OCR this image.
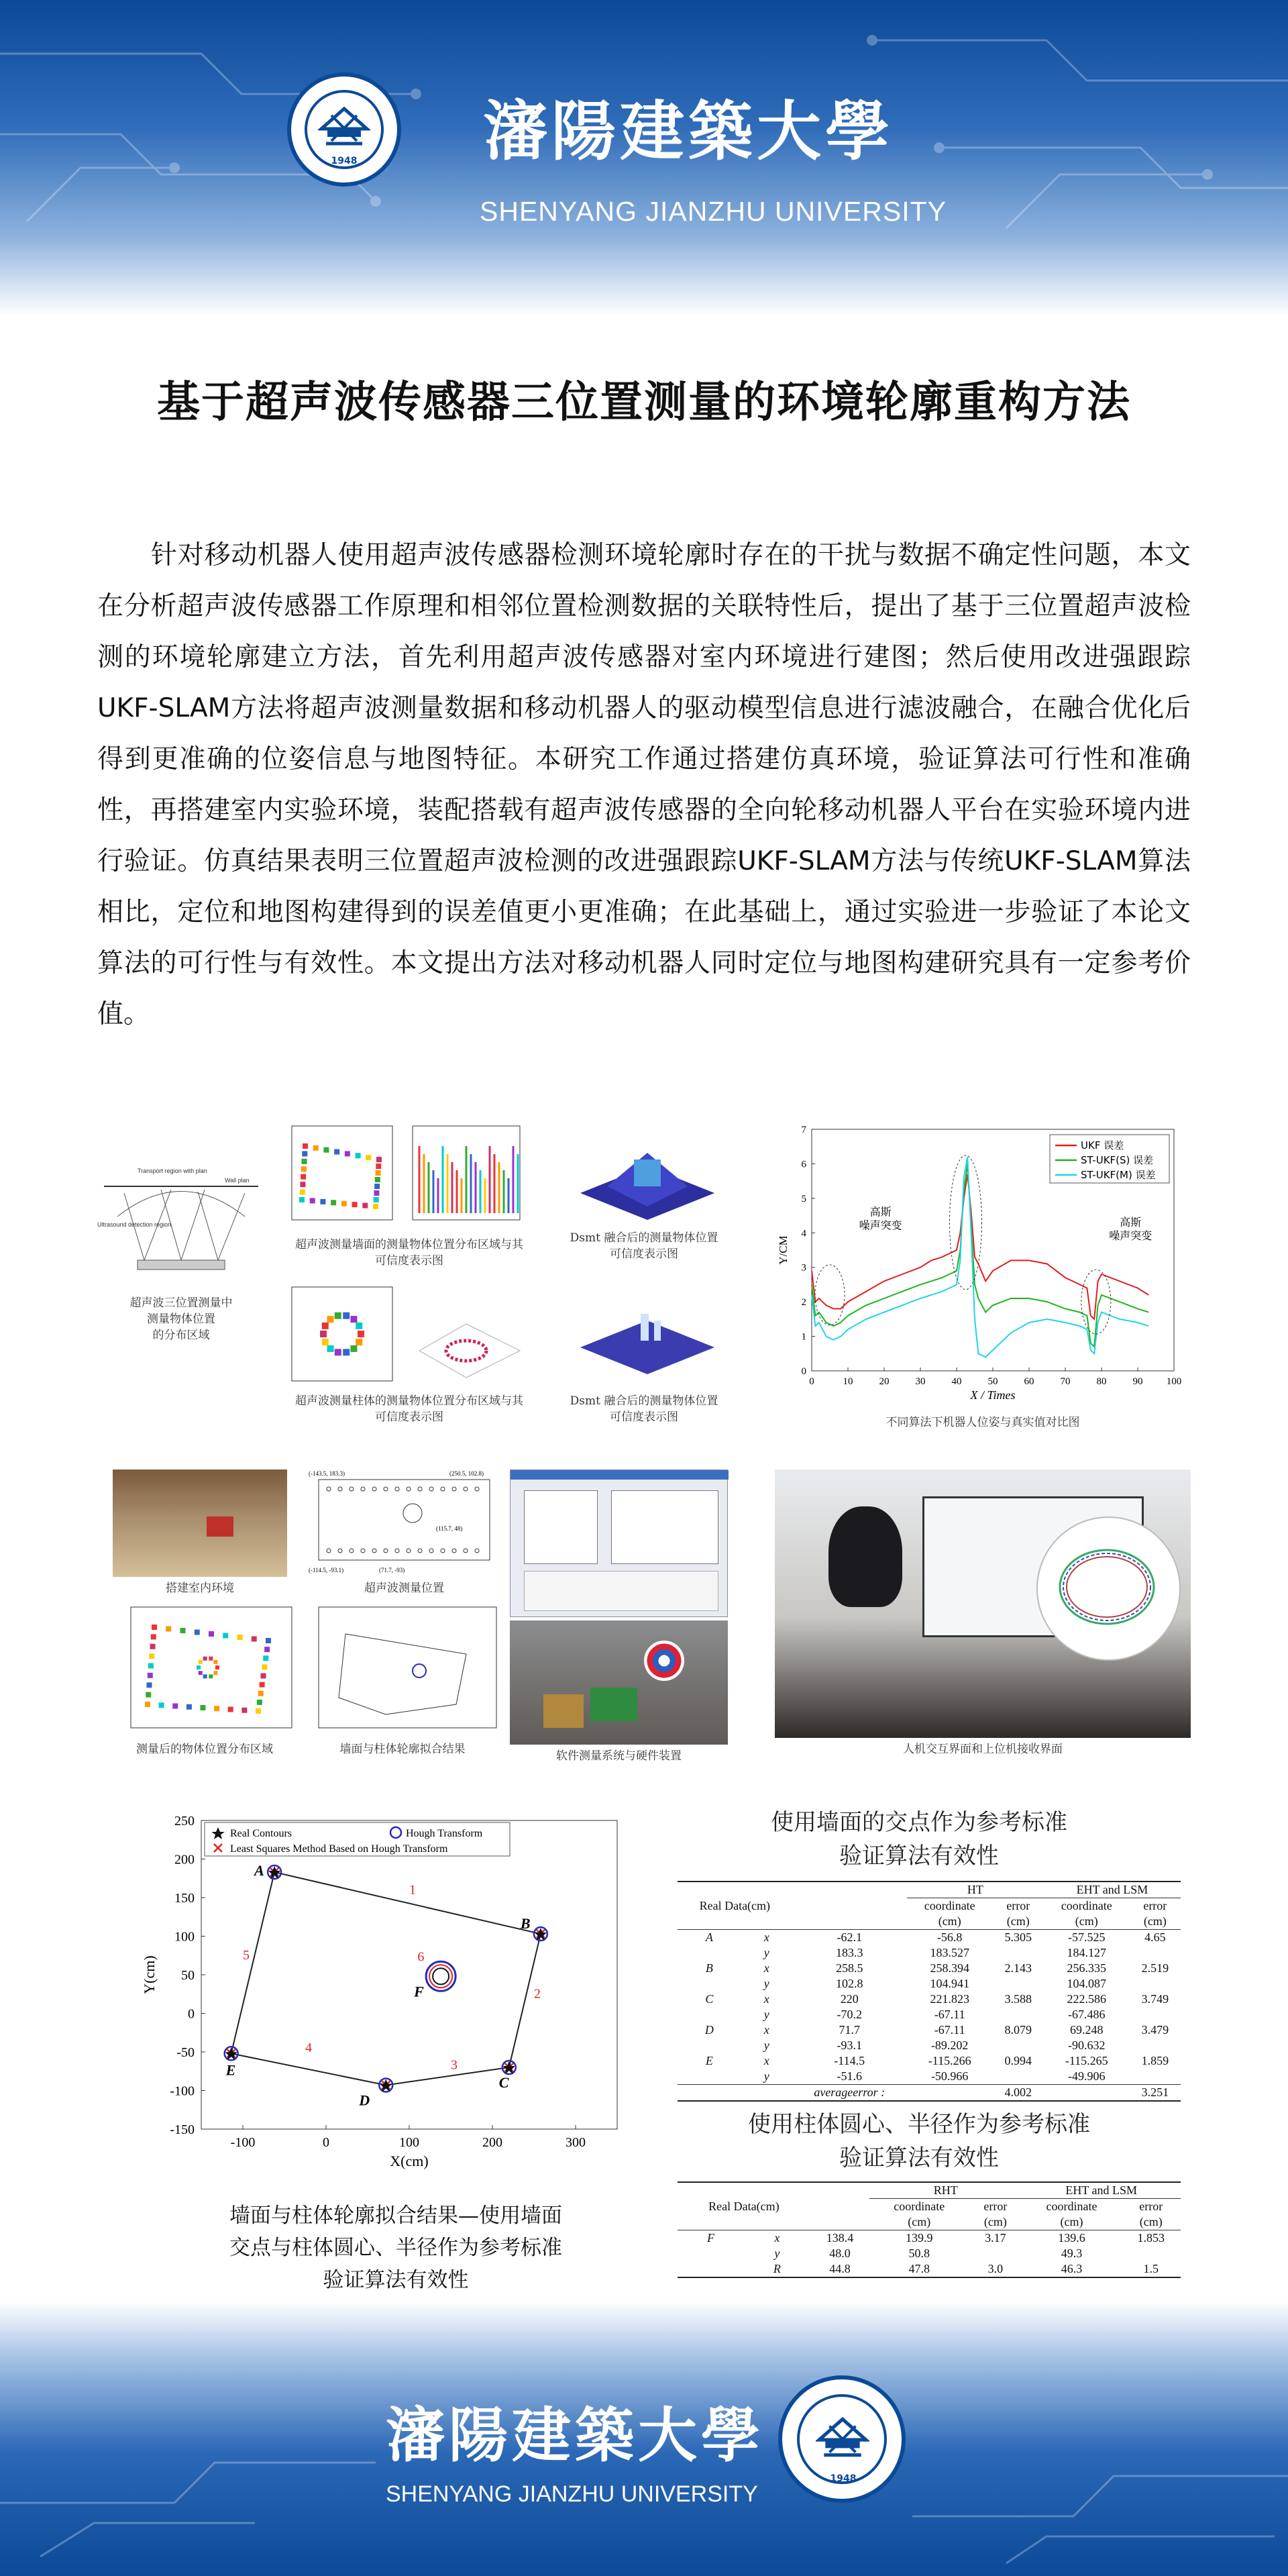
1948 瀋陽建築大學
SHENYANG JIANZHU UNIVERSITY
基于超声波传感器三位置测量的环境轮廓重构方法
针对移动机器人使用超声波传感器检测环境轮廓时存在的干扰与数据不确定性问题，本文在分析超声波传感器工作原理和相邻位置检测数据的关联特性后，提出了基于三位置超声波检测的环境轮廓建立方法，首先利用超声波传感器对室内环境进行建图；然后使用改进强跟踪UKF-SLAM方法将超声波测量数据和移动机器人的驱动模型信息进行滤波融合，在融合优化后得到更准确的位姿信息与地图特征。本研究工作通过搭建仿真环境，验证算法可行性和准确性，再搭建室内实验环境，装配搭载有超声波传感器的全向轮移动机器人平台在实验环境内进行验证。仿真结果表明三位置超声波检测的改进强跟踪UKF-SLAM方法与传统UKF-SLAM算法相比，定位和地图构建得到的误差值更小更准确；在此基础上，通过实验进一步验证了本论文算法的可行性与有效性。本文提出方法对移动机器人同时定位与地图构建研究具有一定参考价值。
Transport region with plan
Wall plan
Ultrasound detection region
超声波三位置测量中
测量物体位置
的分布区域
超声波测量墙面的测量物体位置分布区域与其
可信度表示图
Dsmt 融合后的测量物体位置
可信度表示图
超声波测量柱体的测量物体位置分布区域与其
可信度表示图
Dsmt 融合后的测量物体位置
可信度表示图
0	10	20	30	40	50	60	70	80	90 100
0
1
2
3
4
5
6
7
X / Times
Y/CM
高斯噪声突变	高斯噪声突变
UKF 误差
ST-UKF(S) 误差
ST-UKF(M) 误差
不同算法下机器人位姿与真实值对比图
搭建室内环境
(-143.5, 183.3)	(250.5, 102.8)
(115.7, 48)
(-114.5, -93.1)	(71.7, -93)
超声波测量位置
测量后的物体位置分布区域	墙面与柱体轮廓拟合结果	软件测量系统与硬件装置	人机交互界面和上位机接收界面
-100	0	100	200	300
250
200
150
100
50
0
-50
-100
-150
X(cm)
Y(cm)
A
B
C
D
E
F
1
2
3
4
5	6
Real Contours	Hough Transform
Least Squares Method Based on Hough Transform
墙面与柱体轮廓拟合结果—使用墙面
交点与柱体圆心、半径作为参考标准
验证算法有效性
使用墙面的交点作为参考标准
验证算法有效性
Real Data(cm)			HT		EHT and LSM	
			coordinate	error	coordinate	error
			(cm)	(cm)	(cm)	(cm)
A	x	-62.1	-56.8	5.305	-57.525	4.65
	y	183.3	183.527		184.127	
B	x	258.5	258.394	2.143	256.335	2.519
	y	102.8	104.941		104.087	
C	x	220	221.823	3.588	222.586	3.749
	y	-70.2	-67.11		-67.486	
D	x	71.7	-67.11	8.079	69.248	3.479
	y	-93.1	-89.202		-90.632	
E	x	-114.5	-115.266	0.994	-115.265	1.859
	y	-51.6	-50.966		-49.906	
		averageerror :		4.002		3.251
使用柱体圆心、半径作为参考标准
验证算法有效性
Real Data(cm)			RHT		EHT and LSM	
			coordinate	error	coordinate	error
			(cm)	(cm)	(cm)	(cm)
F	x	138.4	139.9	3.17	139.6	1.853
	y	48.0	50.8		49.3	
	R	44.8	47.8	3.0	46.3	1.5
瀋陽建築大學
SHENYANG JIANZHU UNIVERSITY
1948
